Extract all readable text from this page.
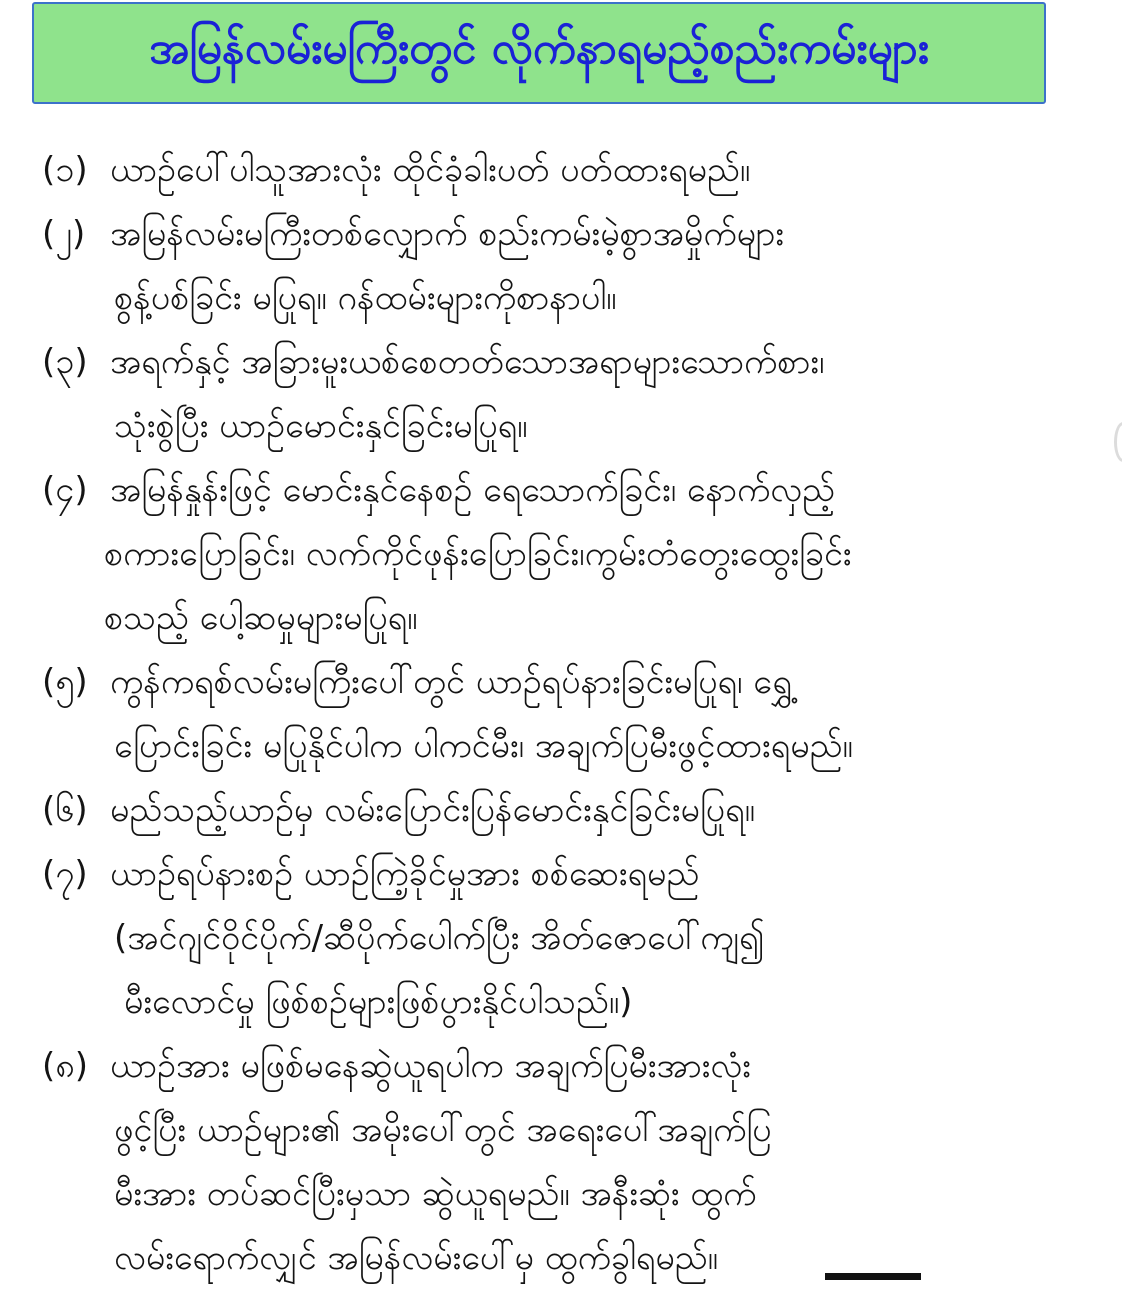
အမြန်လမ်းမကြီးတွင် လိုက်နာရမည့်စည်းကမ်းများ
(၁) ယာဉ်ပေါ်ပါသူအားလုံး ထိုင်ခုံခါးပတ် ပတ်ထားရမည်။
(၂) အမြန်လမ်းမကြီးတစ်လျှောက် စည်းကမ်းမဲ့စွာအမှိုက်များ
စွန့်ပစ်ခြင်း မပြုရ။ ဂန်ထမ်းများကိုစာနာပါ။
(၃) အရက်နှင့် အခြားမူးယစ်စေတတ်သောအရာများသောက်စား၊
သုံးစွဲပြီး ယာဉ်မောင်းနှင်ခြင်းမပြုရ။
(၄) အမြန်နှုန်းဖြင့် မောင်းနှင်နေစဉ် ရေသောက်ခြင်း၊ နောက်လှည့်
စကားပြောခြင်း၊ လက်ကိုင်ဖုန်းပြောခြင်း၊ကွမ်းတံတွေးထွေးခြင်း
စသည့် ပေါ့ဆမှုများမပြုရ။
(၅) ကွန်ကရစ်လမ်းမကြီးပေါ်တွင် ယာဉ်ရပ်နားခြင်းမပြုရ၊ ရွှေ့
ပြောင်းခြင်း မပြုနိုင်ပါက ပါကင်မီး၊ အချက်ပြမီးဖွင့်ထားရမည်။
(၆) မည်သည့်ယာဉ်မှ လမ်းပြောင်းပြန်မောင်းနှင်ခြင်းမပြုရ။
(၇) ယာဉ်ရပ်နားစဉ် ယာဉ်ကြဲ့ခိုင်မှုအား စစ်ဆေးရမည်
(အင်ဂျင်ဝိုင်ပိုက်/ဆီပိုက်ပေါက်ပြီး အိတ်ဇောပေါ်ကျ၍
မီးလောင်မှု ဖြစ်စဉ်များဖြစ်ပွားနိုင်ပါသည်။)
(၈) ယာဉ်အား မဖြစ်မနေဆွဲယူရပါက အချက်ပြမီးအားလုံး
ဖွင့်ပြီး ယာဉ်များ၏ အမိုးပေါ်တွင် အရေးပေါ်အချက်ပြ
မီးအား တပ်ဆင်ပြီးမှသာ ဆွဲယူရမည်။ အနီးဆုံး ထွက်
လမ်းရောက်လျှင် အမြန်လမ်းပေါ်မှ ထွက်ခွါရမည်။
